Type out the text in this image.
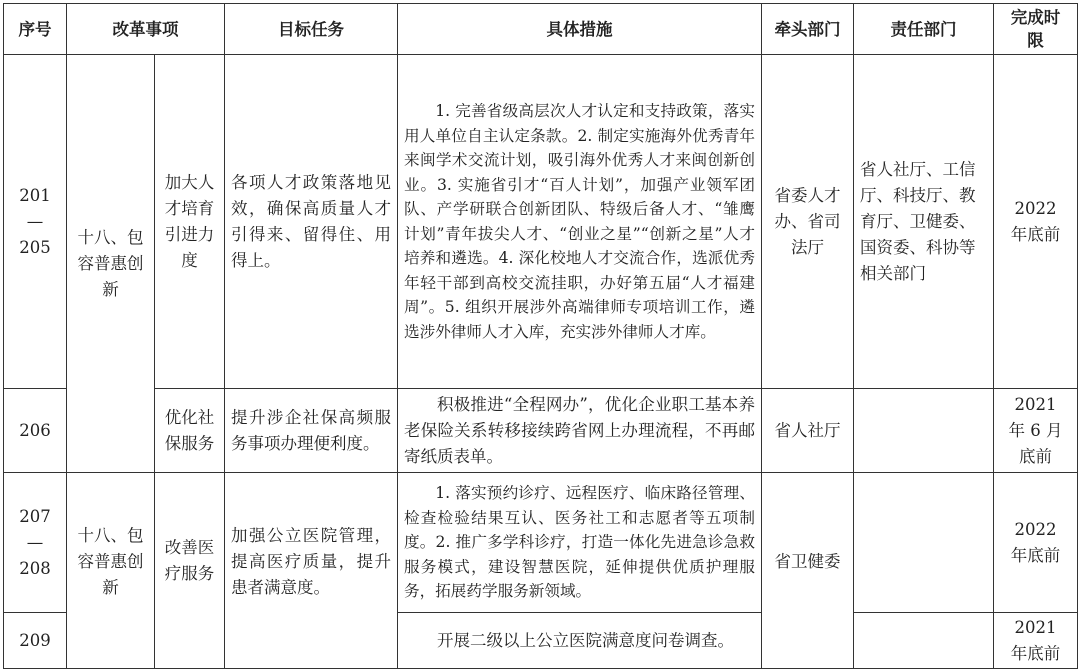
序号	改革事项		目标任务	具体措施	牵头部门	责任部门	完成时限
201—205	十八、包容普惠创新	加大人才培育引进力度	各项人才政策落地见效，确保高质量人才引得来、留得住、用得上。	1. 完善省级高层次人才认定和支持政策，落实用人单位自主认定条款。2. 制定实施海外优秀青年来闽学术交流计划，吸引海外优秀人才来闽创新创业。3. 实施省引才“百人计划”，加强产业领军团队、产学研联合创新团队、特级后备人才、“雏鹰计划”青年拔尖人才、“创业之星”“创新之星”人才培养和遴选。4. 深化校地人才交流合作，选派优秀年轻干部到高校交流挂职，办好第五届“人才福建周”。5. 组织开展涉外高端律师专项培训工作，遴选涉外律师人才入库，充实涉外律师人才库。	省委人才办、省司法厅	省人社厅、工信厅、科技厅、教育厅、卫健委、国资委、科协等相关部门	2022 年底前
206		优化社保服务	提升涉企社保高频服务事项办理便利度。	积极推进“全程网办”，优化企业职工基本养老保险关系转移接续跨省网上办理流程，不再邮寄纸质表单。	省人社厅		2021 年 6 月底前
207—208	十八、包容普惠创新	改善医疗服务	加强公立医院管理，提高医疗质量，提升患者满意度。	1. 落实预约诊疗、远程医疗、临床路径管理、检查检验结果互认、医务社工和志愿者等五项制度。2. 推广多学科诊疗，打造一体化先进急诊急救服务模式，建设智慧医院，延伸提供优质护理服务，拓展药学服务新领域。	省卫健委		2022 年底前
209				开展二级以上公立医院满意度问卷调查。			2021 年底前
